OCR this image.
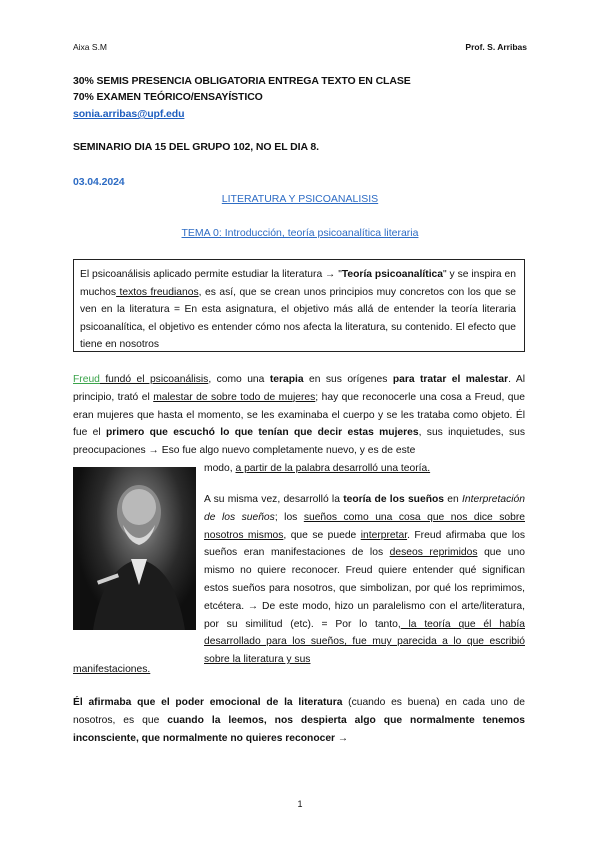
Aixa S.M	Prof. S. Arribas
30% SEMIS PRESENCIA OBLIGATORIA ENTREGA TEXTO EN CLASE
70% EXAMEN TEÓRICO/ENSAYÍSTICO
sonia.arribas@upf.edu
SEMINARIO DIA 15 DEL GRUPO 102, NO EL DIA 8.
03.04.2024
LITERATURA Y PSICOANALISIS
TEMA 0: Introducción, teoría psicoanalítica literaria
El psicoanálisis aplicado permite estudiar la literatura → "Teoría psicoanalítica" y se inspira en muchos textos freudianos, es así, que se crean unos principios muy concretos con los que se ven en la literatura = En esta asignatura, el objetivo más allá de entender la teoría literaria psicoanalítica, el objetivo es entender cómo nos afecta la literatura, su contenido. El efecto que tiene en nosotros

Freud fundó el psicoanálisis, como una terapia en sus orígenes para tratar el malestar. Al principio, trató el malestar de sobre todo de mujeres; hay que reconocerle una cosa a Freud, que eran mujeres que hasta el momento, se les examinaba el cuerpo y se les trataba como objeto. Él fue el primero que escuchó lo que tenían que decir estas mujeres, sus inquietudes, sus preocupaciones → Eso fue algo nuevo completamente nuevo, y es de este

modo, a partir de la palabra desarrolló una teoría.

A su misma vez, desarrolló la teoría de los sueños en Interpretación de los sueños; los sueños como una cosa que nos dice sobre nosotros mismos, que se puede interpretar. Freud afirmaba que los sueños eran manifestaciones de los deseos reprimidos que uno mismo no quiere reconocer. Freud quiere entender qué significan estos sueños para nosotros, que simbolizan, por qué los reprimimos, etcétera. → De este modo, hizo un paralelismo con el arte/literatura, por su similitud (etc). = Por lo tanto, la teoría que él había desarrollado para los sueños, fue muy parecida a lo que escribió sobre la literatura y sus

manifestaciones.

Él afirmaba que el poder emocional de la literatura (cuando es buena) en cada uno de nosotros, es que cuando la leemos, nos despierta algo que normalmente tenemos inconsciente, que normalmente no quieres reconocer →

1
